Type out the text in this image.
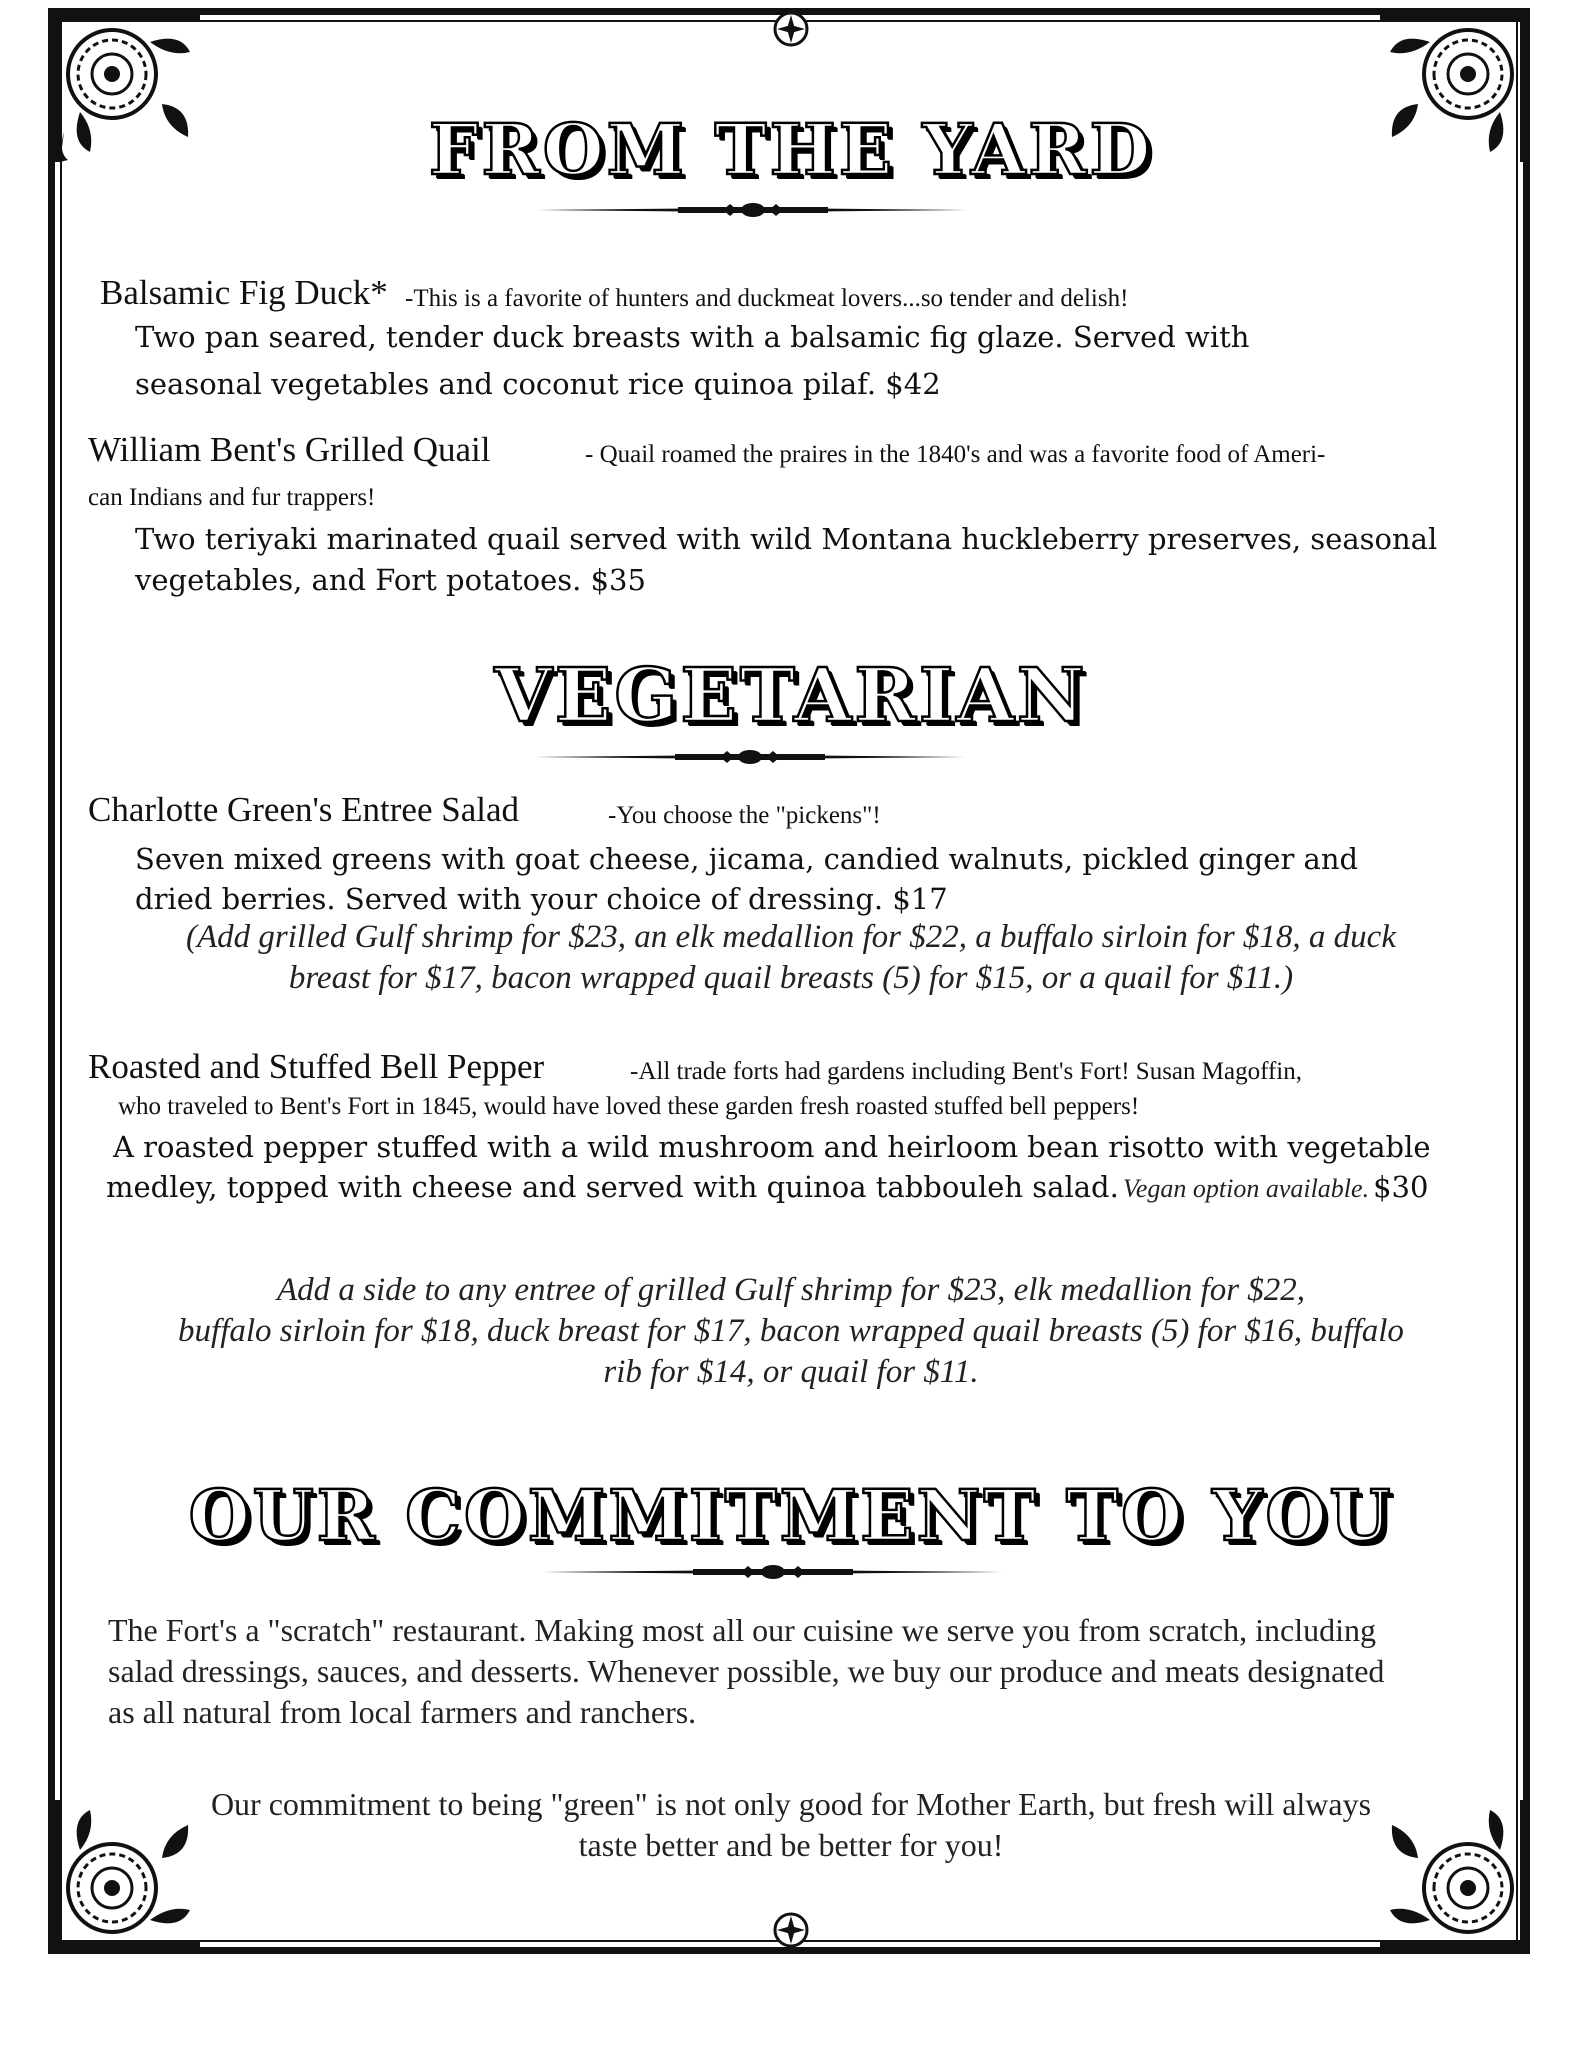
FROM THE YARD
Balsamic Fig Duck* -This is a favorite of hunters and duckmeat lovers...so tender and delish!
Two pan seared, tender duck breasts with a balsamic fig glaze. Served with
seasonal vegetables and coconut rice quinoa pilaf. $42
William Bent's Grilled Quail	- Quail roamed the praires in the 1840's and was a favorite food of Ameri-
can Indians and fur trappers!
Two teriyaki marinated quail served with wild Montana huckleberry preserves, seasonal
vegetables, and Fort potatoes. $35
VEGETARIAN
Charlotte Green's Entree Salad	-You choose the "pickens"!
Seven mixed greens with goat cheese, jicama, candied walnuts, pickled ginger and
dried berries. Served with your choice of dressing. $17
(Add grilled Gulf shrimp for $23, an elk medallion for $22, a buffalo sirloin for $18, a duck
breast for $17, bacon wrapped quail breasts (5) for $15, or a quail for $11.)
Roasted and Stuffed Bell Pepper	-All trade forts had gardens including Bent's Fort! Susan Magoffin,
who traveled to Bent's Fort in 1845, would have loved these garden fresh roasted stuffed bell peppers!
A roasted pepper stuffed with a wild mushroom and heirloom bean risotto with vegetable
medley, topped with cheese and served with quinoa tabbouleh salad. Vegan option available. $30
Add a side to any entree of grilled Gulf shrimp for $23, elk medallion for $22,
buffalo sirloin for $18, duck breast for $17, bacon wrapped quail breasts (5) for $16, buffalo
rib for $14, or quail for $11.
OUR COMMITMENT TO YOU
The Fort's a "scratch" restaurant. Making most all our cuisine we serve you from scratch, including
salad dressings, sauces, and desserts. Whenever possible, we buy our produce and meats designated
as all natural from local farmers and ranchers.
Our commitment to being "green" is not only good for Mother Earth, but fresh will always
taste better and be better for you!
